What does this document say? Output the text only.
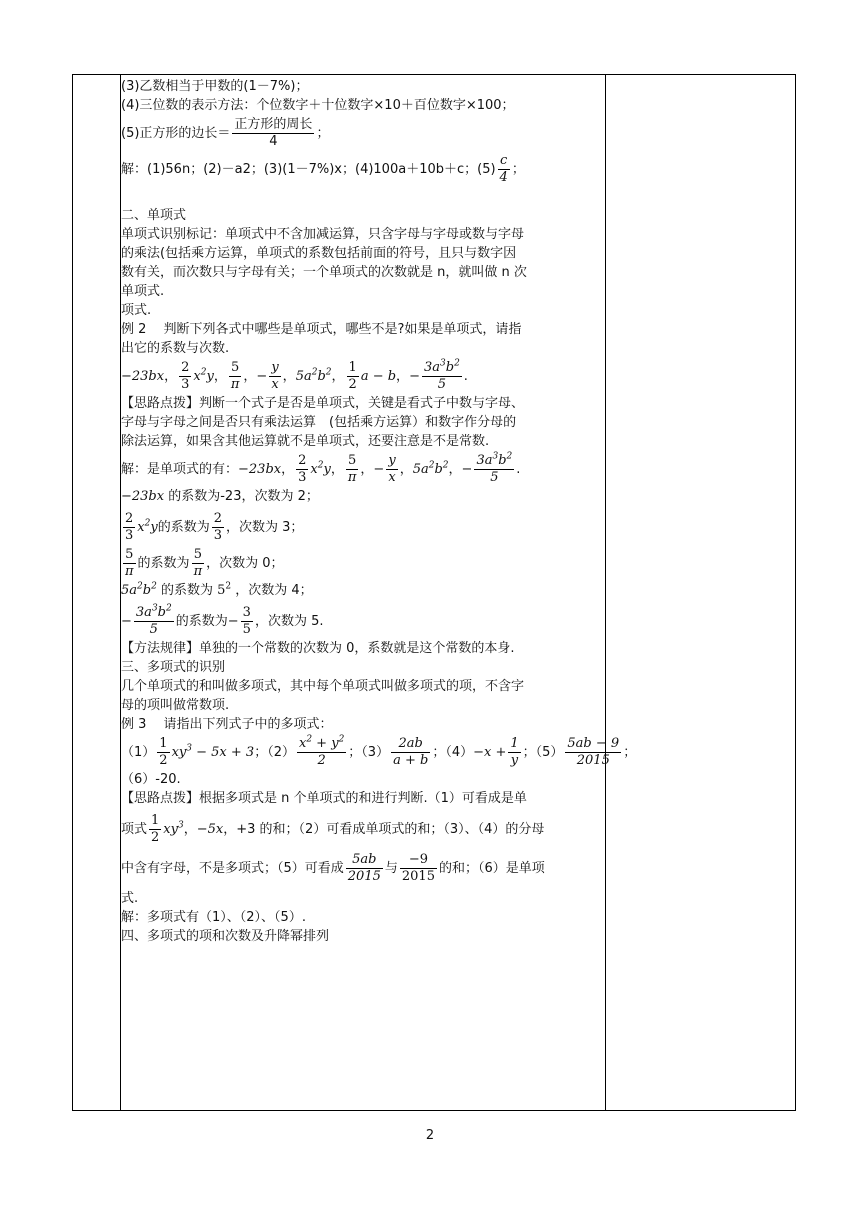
(3)乙数相当于甲数的(1－7%)；
(4)三位数的表示方法：个位数字＋十位数字×10＋百位数字×100；
(5)正方形的边长＝ $\frac{\text{正方形的周长}}{4}$ ；
解：(1)56n；(2)－a2；(3)(1－7%)x；(4)100a＋10b＋c；$(5) \frac{c}{4}$ ；
二、单项式
单项式识别标记：单项式中不含加减运算，只含字母与字母或数与字母
的乘法(包括乘方运算，单项式的系数包括前面的符号，且只与数字因
数有关，而次数只与字母有关；一个单项式的次数就是 n，就叫做 n 次
单项式.
项式.
例 2　 判断下列各式中哪些是单项式，哪些不是?如果是单项式，请指
出它的系数与次数.
−23bx ， $\frac{2}{3} x^2y$ ， $\frac{5}{\pi}$ ， − $\frac{y}{x}$ ， $5a^2b^2$ ， $\frac{1}{2}$ a − b ， − $\frac{3a^3b^2}{5}$ .
【思路点拨】判断一个式子是否是单项式，关键是看式子中数与字母、
字母与字母之间是否只有乘法运算　(包括乘方运算）和数字作分母的
除法运算，如果含其他运算就不是单项式，还要注意是不是常数.
解：是单项式的有： −23bx ， $\frac{2}{3} x^2y$ ， $\frac{5}{\pi}$ ， − $\frac{y}{x}$ ， $5a^2b^2$ ， − $\frac{3a^3b^2}{5}$ .
−23bx 的系数为-23，次数为 2；
$\frac{2}{3} x^2y$ 的系数为 $\frac{2}{3}$ ，次数为 3；
$\frac{5}{\pi}$ 的系数为 $\frac{5}{\pi}$ ，次数为 0；
$5a^2b^2$ 的系数为 $5^2$ ，次数为 4；
− $\frac{3a^3b^2}{5}$ 的系数为 − $\frac{3}{5}$ ，次数为 5.
【方法规律】单独的一个常数的次数为 0，系数就是这个常数的本身.
三、多项式的识别
几个单项式的和叫做多项式，其中每个单项式叫做多项式的项，不含字
母的项叫做常数项.
例 3　 请指出下列式子中的多项式：
$(1) \frac{1}{2} xy^3 - 5x + 3$ ；$(2) \frac{x^2 + y^2}{2}$ ；$(3) \frac{2ab}{a + b}$ ；$(4) -x + \frac{1}{y}$ ；$(5) \frac{5ab - 9}{2015}$ ；
（6）-20.
【思路点拨】根据多项式是 n 个单项式的和进行判断.（1）可看成是单
项式 $\frac{1}{2} xy^3$ ， −5x ， +3 的和；（2）可看成单项式的和；（3）、（4）的分母
中含有字母，不是多项式；（5）可看成 $\frac{5ab}{2015}$ 与 $\frac{-9}{2015}$ 的和；（6）是单项
式.
解：多项式有（1）、（2）、（5）.
四、多项式的项和次数及升降幂排列
2
